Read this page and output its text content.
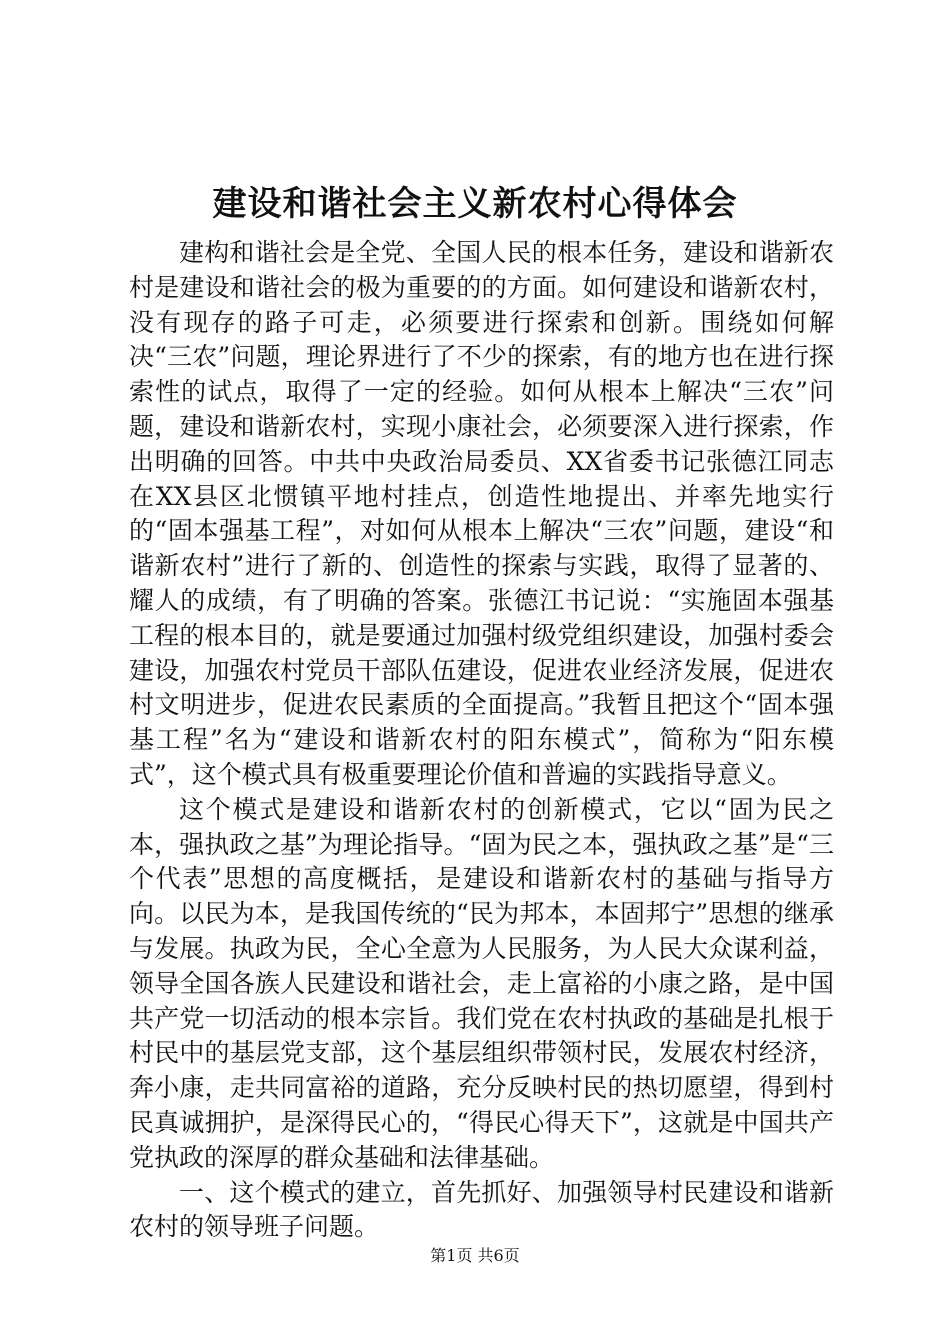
建设和谐社会主义新农村心得体会

建构和谐社会是全党、全国人民的根本任务，建设和谐新农村是建设和谐社会的极为重要的的方面。如何建设和谐新农村，没有现存的路子可走，必须要进行探索和创新。围绕如何解决“三农”问题，理论界进行了不少的探索，有的地方也在进行探索性的试点，取得了一定的经验。如何从根本上解决“三农”问题，建设和谐新农村，实现小康社会，必须要深入进行探索，作出明确的回答。中共中央政治局委员、XX省委书记张德江同志在XX县区北惯镇平地村挂点，创造性地提出、并率先地实行的“固本强基工程”，对如何从根本上解决“三农”问题，建设“和谐新农村”进行了新的、创造性的探索与实践，取得了显著的、耀人的成绩，有了明确的答案。张德江书记说：“实施固本强基工程的根本目的，就是要通过加强村级党组织建设，加强村委会建设，加强农村党员干部队伍建设，促进农业经济发展，促进农村文明进步，促进农民素质的全面提高。”我暂且把这个“固本强基工程”名为“建设和谐新农村的阳东模式”，简称为“阳东模式”，这个模式具有极重要理论价值和普遍的实践指导意义。

这个模式是建设和谐新农村的创新模式，它以“固为民之本，强执政之基”为理论指导。“固为民之本，强执政之基”是“三个代表”思想的高度概括，是建设和谐新农村的基础与指导方向。以民为本，是我国传统的“民为邦本，本固邦宁”思想的继承与发展。执政为民，全心全意为人民服务，为人民大众谋利益，领导全国各族人民建设和谐社会，走上富裕的小康之路，是中国共产党一切活动的根本宗旨。我们党在农村执政的基础是扎根于村民中的基层党支部，这个基层组织带领村民，发展农村经济，奔小康，走共同富裕的道路，充分反映村民的热切愿望，得到村民真诚拥护，是深得民心的，“得民心得天下”，这就是中国共产党执政的深厚的群众基础和法律基础。

一、这个模式的建立，首先抓好、加强领导村民建设和谐新农村的领导班子问题。

第1页 共6页
